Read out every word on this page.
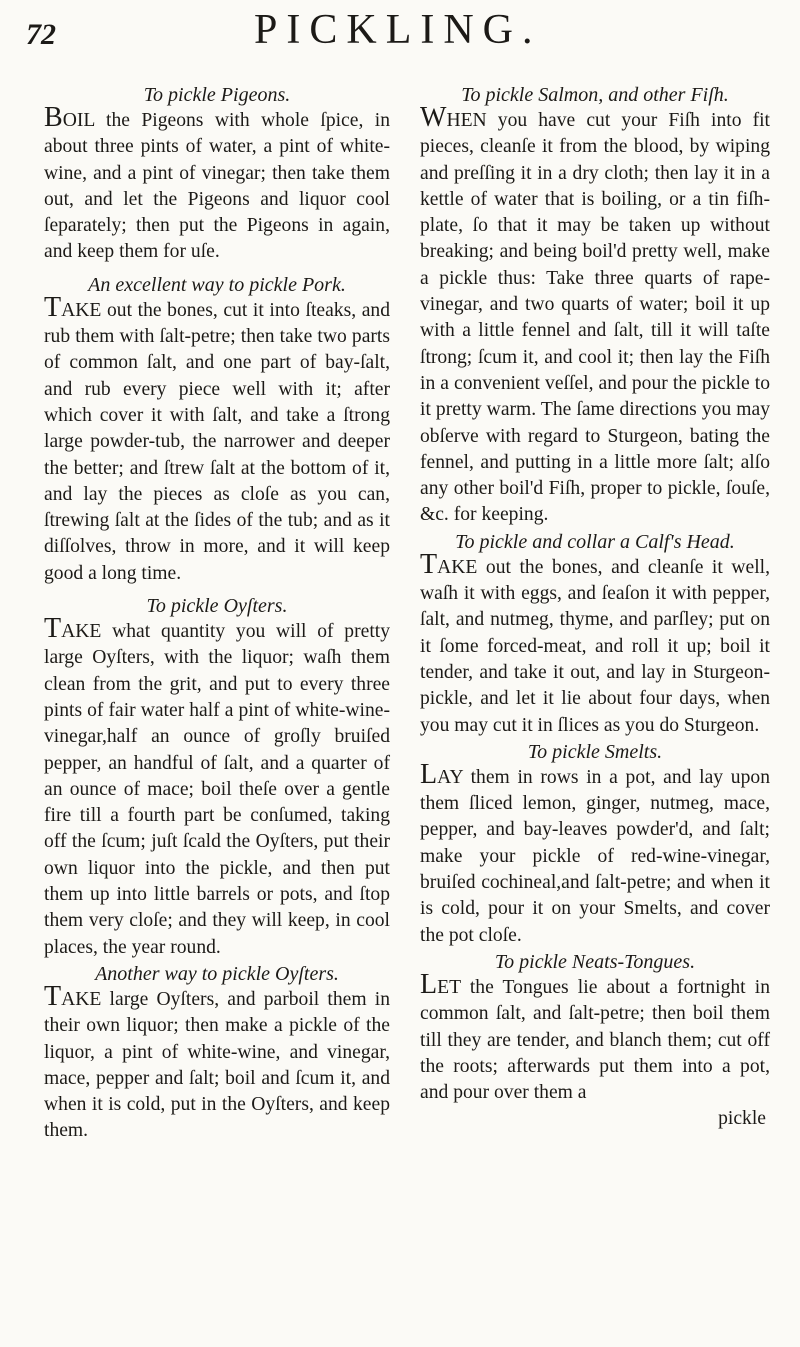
72	PICKLING.
To pickle Pigeons.

BOIL the Pigeons with whole ſpice, in about three pints of water, a pint of white-wine, and a pint of vinegar; then take them out, and let the Pigeons and liquor cool ſeparately; then put the Pigeons in again, and keep them for uſe.

An excellent way to pickle Pork.

TAKE out the bones, cut it into ſteaks, and rub them with ſalt-petre; then take two parts of common ſalt, and one part of bay-ſalt, and rub every piece well with it; after which cover it with ſalt, and take a ſtrong large powder-tub, the narrower and deeper the better; and ſtrew ſalt at the bottom of it, and lay the pieces as cloſe as you can, ſtrewing ſalt at the ſides of the tub; and as it diſſolves, throw in more, and it will keep good a long time.

To pickle Oyſters.

TAKE what quantity you will of pretty large Oyſters, with the liquor; waſh them clean from the grit, and put to every three pints of fair water half a pint of white-wine-vinegar,half an ounce of groſly bruiſed pepper, an handful of ſalt, and a quarter of an ounce of mace; boil theſe over a gentle fire till a fourth part be conſumed, taking off the ſcum; juſt ſcald the Oyſters, put their own liquor into the pickle, and then put them up into little barrels or pots, and ſtop them very cloſe; and they will keep, in cool places, the year round.

Another way to pickle Oyſters.

TAKE large Oyſters, and parboil them in their own liquor; then make a pickle of the liquor, a pint of white-wine, and vinegar, mace, pepper and ſalt; boil and ſcum it, and when it is cold, put in the Oyſters, and keep them.

To pickle Salmon, and other Fiſh.

WHEN you have cut your Fiſh into fit pieces, cleanſe it from the blood, by wiping and preſſing it in a dry cloth; then lay it in a kettle of water that is boiling, or a tin fiſh-plate, ſo that it may be taken up without breaking; and being boil'd pretty well, make a pickle thus: Take three quarts of rape-vinegar, and two quarts of water; boil it up with a little fennel and ſalt, till it will taſte ſtrong; ſcum it, and cool it; then lay the Fiſh in a convenient veſſel, and pour the pickle to it pretty warm. The ſame directions you may obſerve with regard to Sturgeon, bating the fennel, and putting in a little more ſalt; alſo any other boil'd Fiſh, proper to pickle, ſouſe, &c. for keeping.

To pickle and collar a Calf's Head.

TAKE out the bones, and cleanſe it well, waſh it with eggs, and ſeaſon it with pepper, ſalt, and nutmeg, thyme, and parſley; put on it ſome forced-meat, and roll it up; boil it tender, and take it out, and lay in Sturgeon-pickle, and let it lie about four days, when you may cut it in ſlices as you do Sturgeon.

To pickle Smelts.

LAY them in rows in a pot, and lay upon them ſliced lemon, ginger, nutmeg, mace, pepper, and bay-leaves powder'd, and ſalt; make your pickle of red-wine-vinegar, bruiſed cochineal,and ſalt-petre; and when it is cold, pour it on your Smelts, and cover the pot cloſe.

To pickle Neats-Tongues.

LET the Tongues lie about a fortnight in common ſalt, and ſalt-petre; then boil them till they are tender, and blanch them; cut off the roots; afterwards put them into a pot, and pour over them a

pickle
